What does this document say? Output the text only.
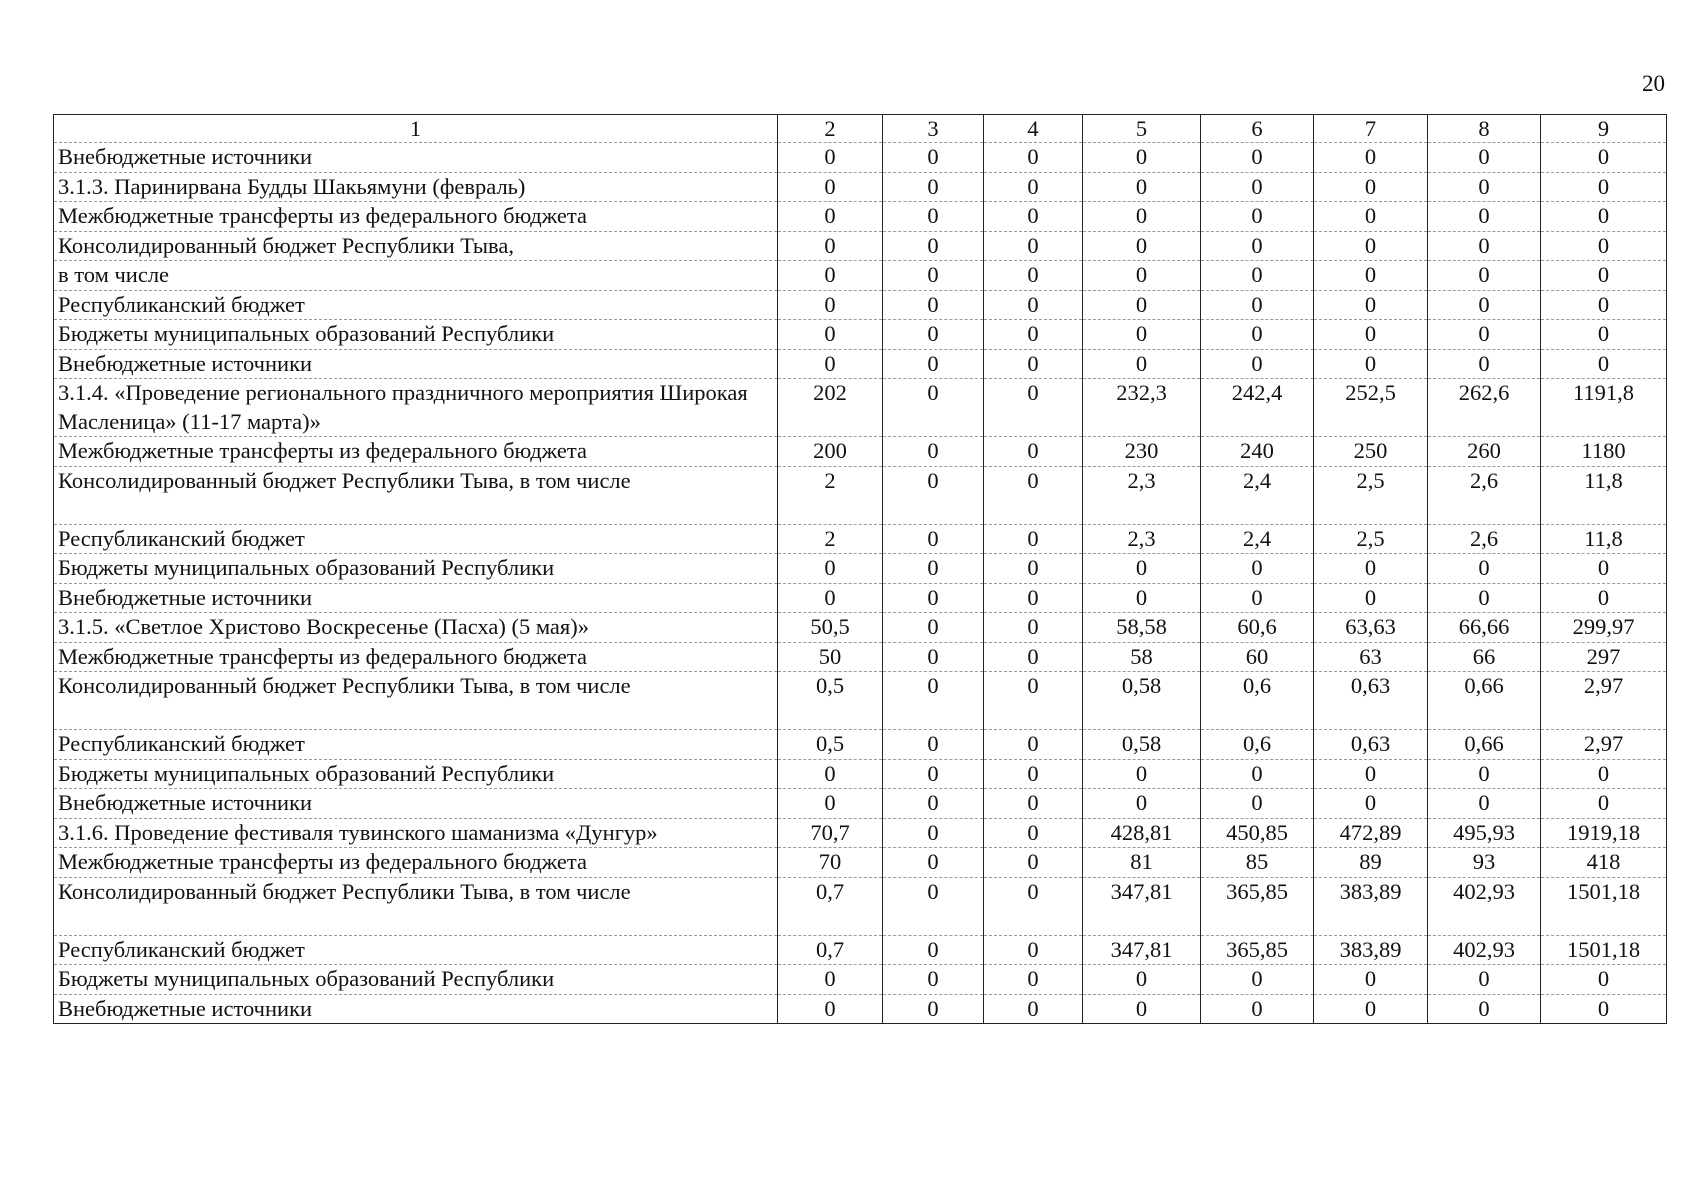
20
1	2	3	4	5	6	7	8	9
Внебюджетные источники	0	0	0	0	0	0	0	0
3.1.3. Паринирвана Будды Шакьямуни (февраль)	0	0	0	0	0	0	0	0
Межбюджетные трансферты из федерального бюджета	0	0	0	0	0	0	0	0
Консолидированный бюджет Республики Тыва,	0	0	0	0	0	0	0	0
в том числе	0	0	0	0	0	0	0	0
Республиканский бюджет	0	0	0	0	0	0	0	0
Бюджеты муниципальных образований Республики	0	0	0	0	0	0	0	0
Внебюджетные источники	0	0	0	0	0	0	0	0
3.1.4. «Проведение регионального праздничного мероприятия Широкая Масленица» (11-17 марта)»	202	0	0	232,3	242,4	252,5	262,6	1191,8
Межбюджетные трансферты из федерального бюджета	200	0	0	230	240	250	260	1180
Консолидированный бюджет Республики Тыва, в том числе	2	0	0	2,3	2,4	2,5	2,6	11,8
Республиканский бюджет	2	0	0	2,3	2,4	2,5	2,6	11,8
Бюджеты муниципальных образований Республики	0	0	0	0	0	0	0	0
Внебюджетные источники	0	0	0	0	0	0	0	0
3.1.5. «Светлое Христово Воскресенье (Пасха) (5 мая)»	50,5	0	0	58,58	60,6	63,63	66,66	299,97
Межбюджетные трансферты из федерального бюджета	50	0	0	58	60	63	66	297
Консолидированный бюджет Республики Тыва, в том числе	0,5	0	0	0,58	0,6	0,63	0,66	2,97
Республиканский бюджет	0,5	0	0	0,58	0,6	0,63	0,66	2,97
Бюджеты муниципальных образований Республики	0	0	0	0	0	0	0	0
Внебюджетные источники	0	0	0	0	0	0	0	0
3.1.6. Проведение фестиваля тувинского шаманизма «Дунгур»	70,7	0	0	428,81	450,85	472,89	495,93	1919,18
Межбюджетные трансферты из федерального бюджета	70	0	0	81	85	89	93	418
Консолидированный бюджет Республики Тыва, в том числе	0,7	0	0	347,81	365,85	383,89	402,93	1501,18
Республиканский бюджет	0,7	0	0	347,81	365,85	383,89	402,93	1501,18
Бюджеты муниципальных образований Республики	0	0	0	0	0	0	0	0
Внебюджетные источники	0	0	0	0	0	0	0	0
